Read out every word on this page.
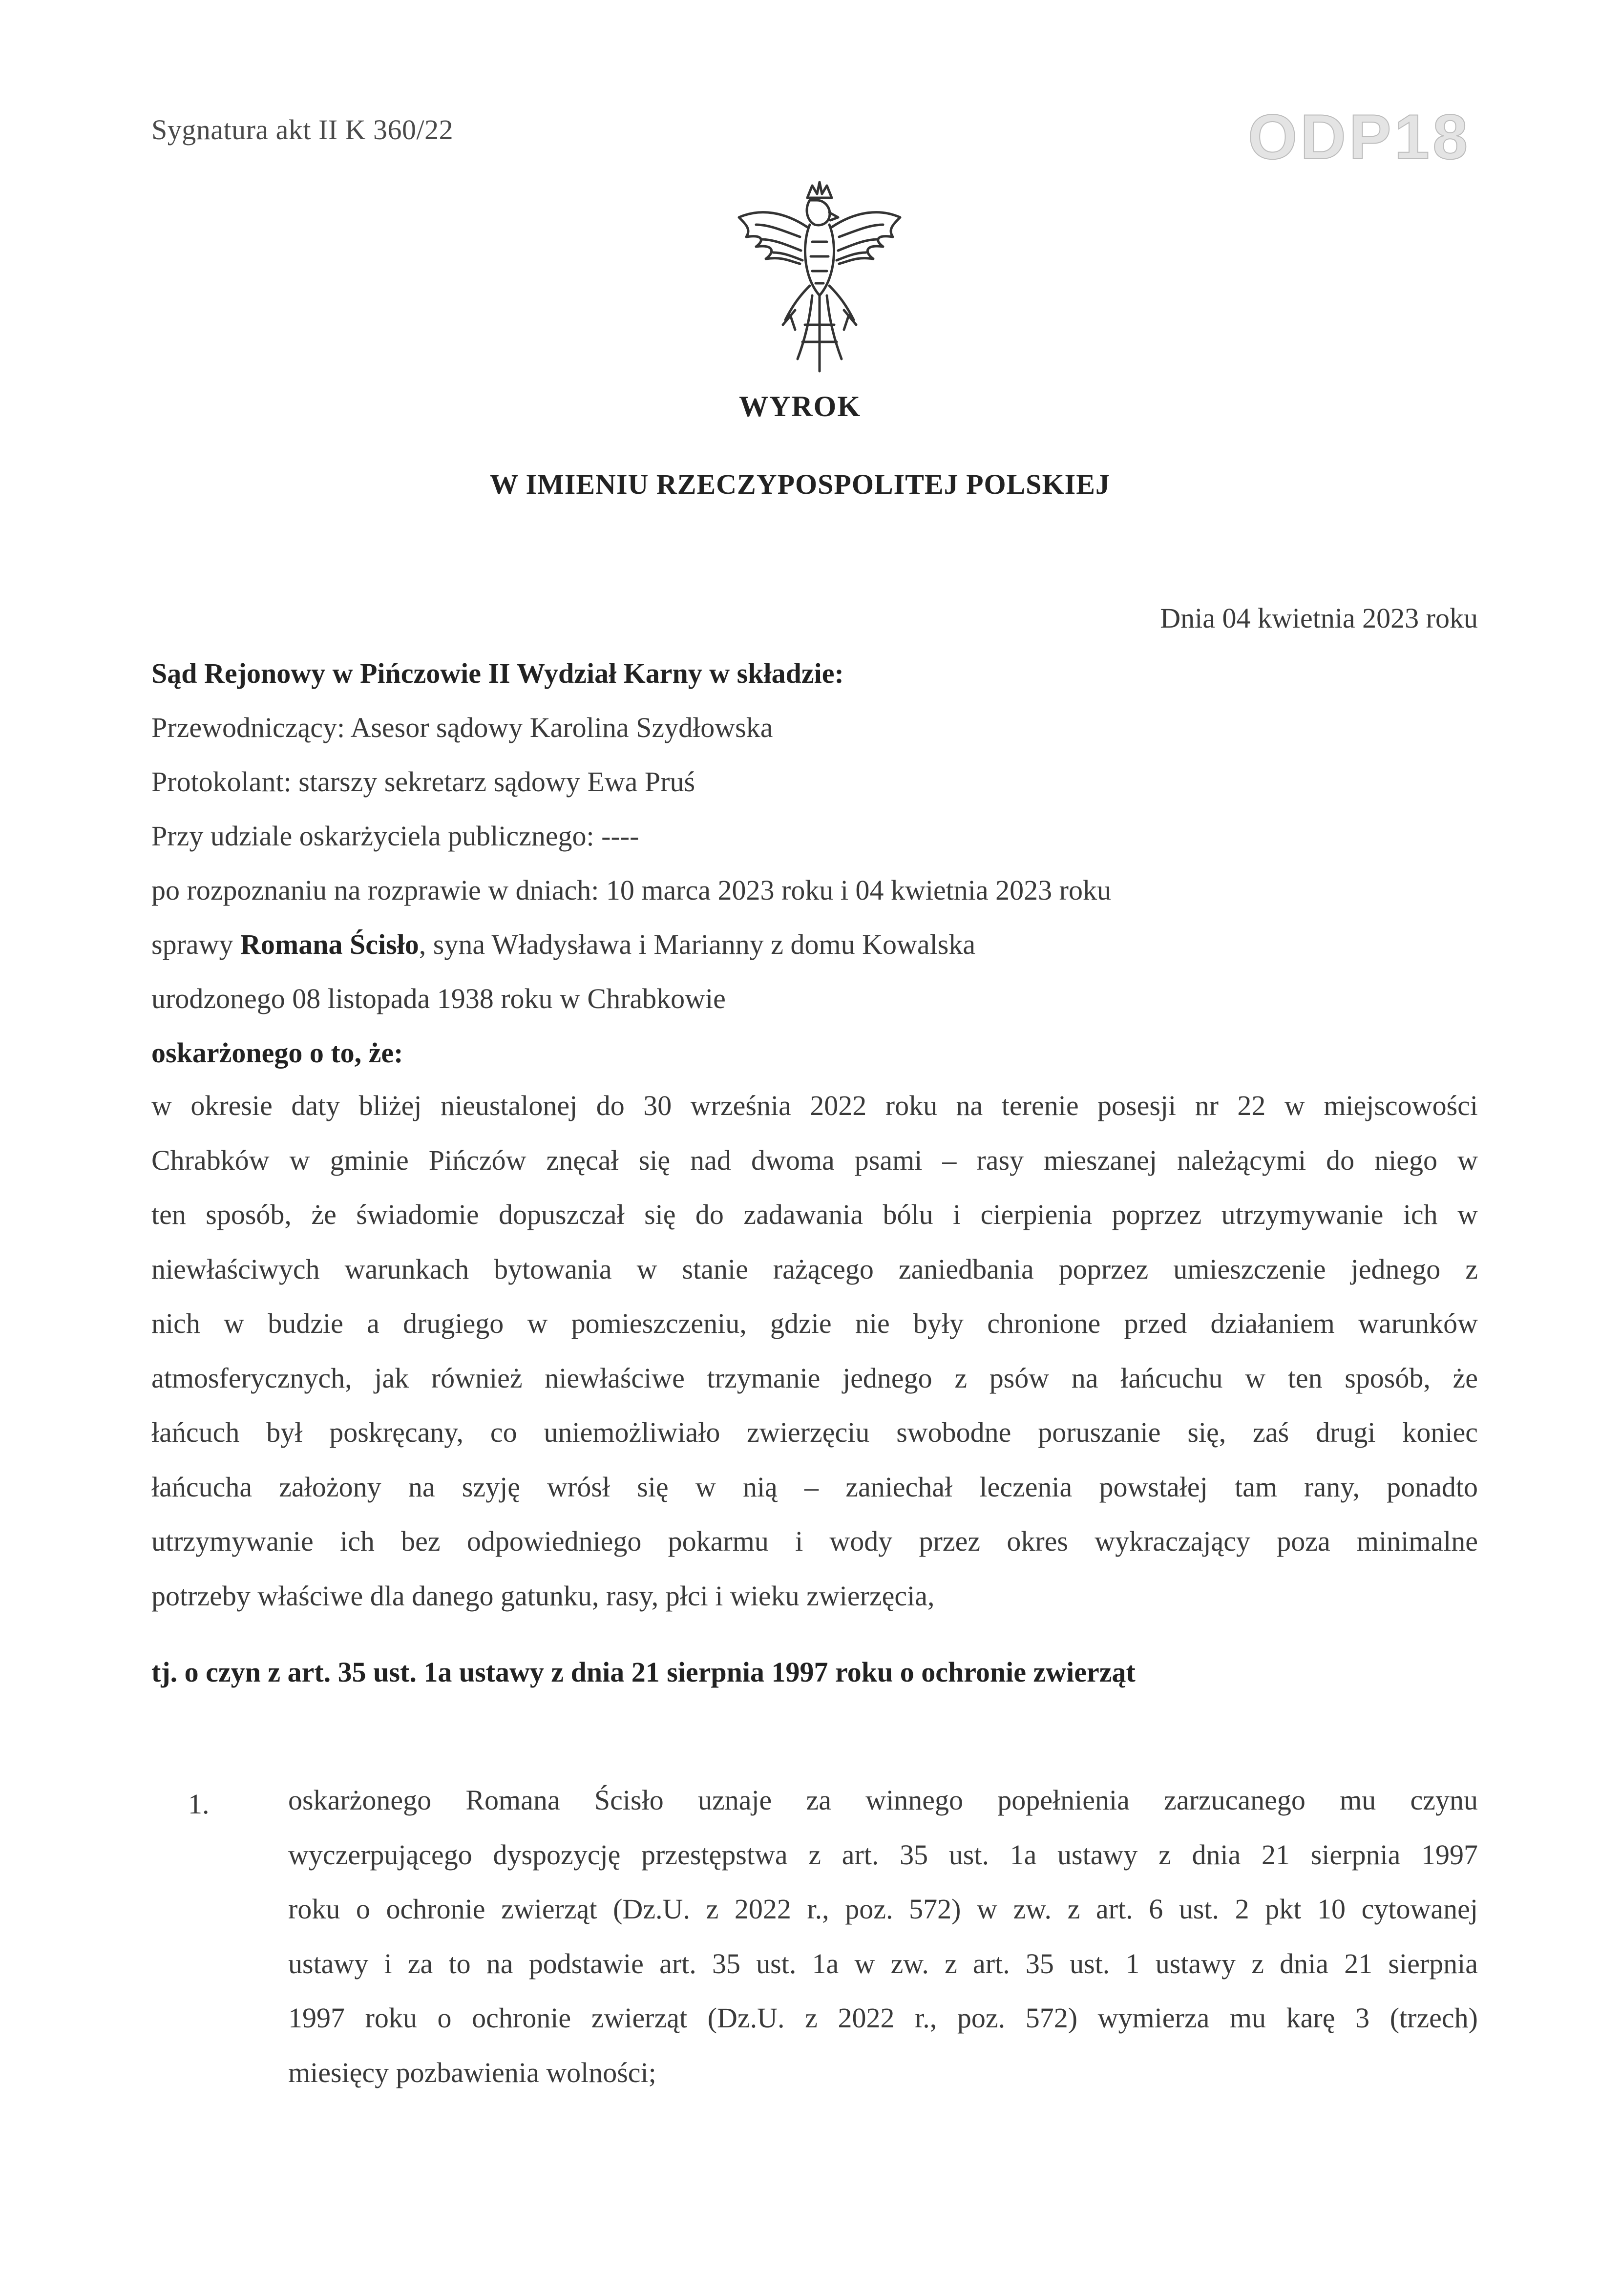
Sygnatura akt II K 360/22	ODP18
WYROK
W IMIENIU RZECZYPOSPOLITEJ POLSKIEJ
Dnia 04 kwietnia 2023 roku
Sąd Rejonowy w Pińczowie II Wydział Karny w składzie:
Przewodniczący: Asesor sądowy Karolina Szydłowska
Protokolant: starszy sekretarz sądowy Ewa Pruś
Przy udziale oskarżyciela publicznego: ----
po rozpoznaniu na rozprawie w dniach: 10 marca 2023 roku i 04 kwietnia 2023 roku
sprawy Romana Ścisło, syna Władysława i Marianny z domu Kowalska
urodzonego 08 listopada 1938 roku w Chrabkowie
oskarżonego o to, że:
w okresie daty bliżej nieustalonej do 30 września 2022 roku na terenie posesji nr 22 w miejscowości
Chrabków w gminie Pińczów znęcał się nad dwoma psami – rasy mieszanej należącymi do niego w
ten sposób, że świadomie dopuszczał się do zadawania bólu i cierpienia poprzez utrzymywanie ich w
niewłaściwych warunkach bytowania w stanie rażącego zaniedbania poprzez umieszczenie jednego z
nich w budzie a drugiego w pomieszczeniu, gdzie nie były chronione przed działaniem warunków
atmosferycznych, jak również niewłaściwe trzymanie jednego z psów na łańcuchu w ten sposób, że
łańcuch był poskręcany, co uniemożliwiało zwierzęciu swobodne poruszanie się, zaś drugi koniec
łańcucha założony na szyję wrósł się w nią – zaniechał leczenia powstałej tam rany, ponadto
utrzymywanie ich bez odpowiedniego pokarmu i wody przez okres wykraczający poza minimalne
potrzeby właściwe dla danego gatunku, rasy, płci i wieku zwierzęcia,
tj. o czyn z art. 35 ust. 1a ustawy z dnia 21 sierpnia 1997 roku o ochronie zwierząt
1.	oskarżonego Romana Ścisło uznaje za winnego popełnienia zarzucanego mu czynu
wyczerpującego dyspozycję przestępstwa z art. 35 ust. 1a ustawy z dnia 21 sierpnia 1997
roku o ochronie zwierząt (Dz.U. z 2022 r., poz. 572) w zw. z art. 6 ust. 2 pkt 10 cytowanej
ustawy i za to na podstawie art. 35 ust. 1a w zw. z art. 35 ust. 1 ustawy z dnia 21 sierpnia
1997 roku o ochronie zwierząt (Dz.U. z 2022 r., poz. 572) wymierza mu karę 3 (trzech)
miesięcy pozbawienia wolności;
